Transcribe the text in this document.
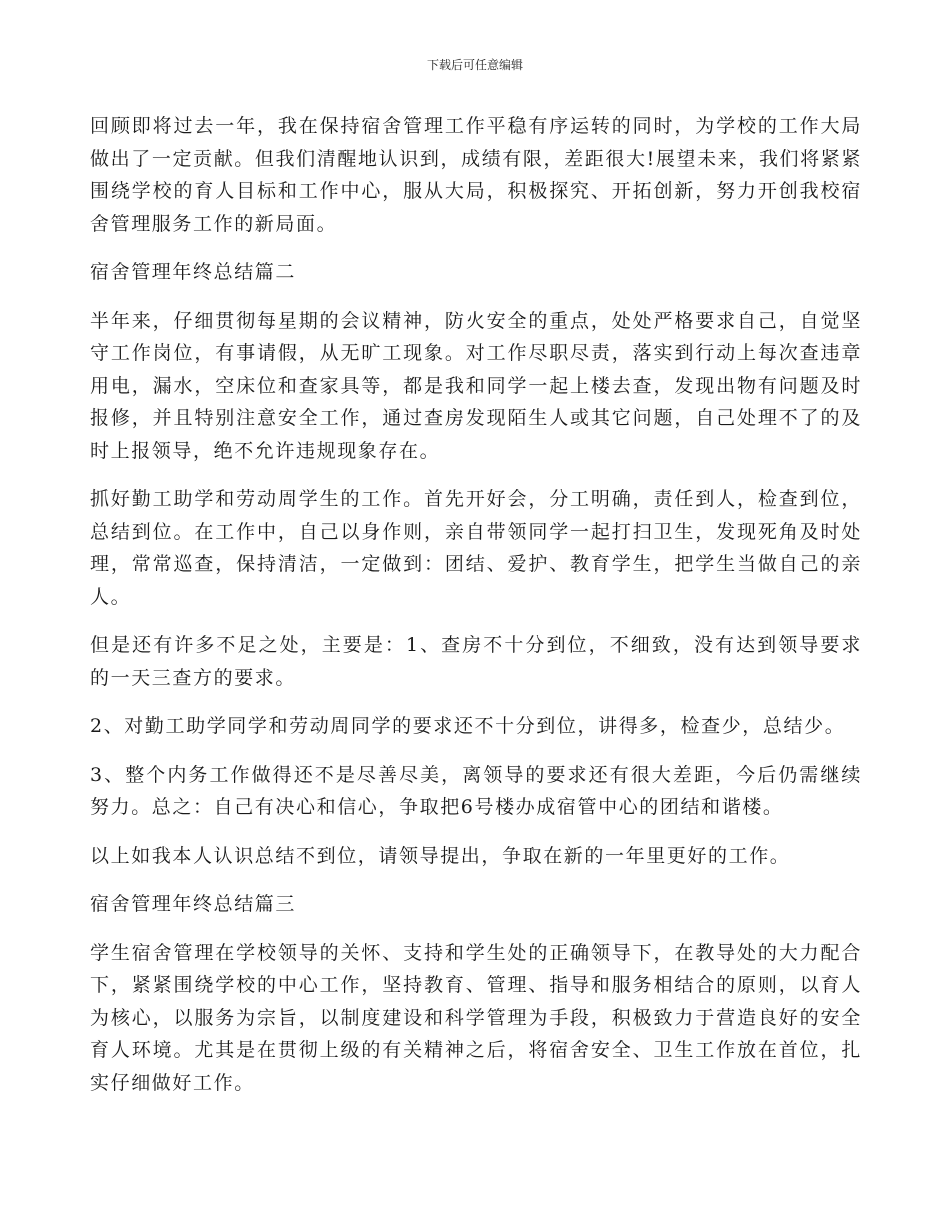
下载后可任意编辑

回顾即将过去一年，我在保持宿舍管理工作平稳有序运转的同时，为学校的工作大局做出了一定贡献。但我们清醒地认识到，成绩有限，差距很大!展望未来，我们将紧紧围绕学校的育人目标和工作中心，服从大局，积极探究、开拓创新，努力开创我校宿舍管理服务工作的新局面。

宿舍管理年终总结篇二

半年来，仔细贯彻每星期的会议精神，防火安全的重点，处处严格要求自己，自觉坚守工作岗位，有事请假，从无旷工现象。对工作尽职尽责，落实到行动上每次查违章用电，漏水，空床位和查家具等，都是我和同学一起上楼去查，发现出物有问题及时报修，并且特别注意安全工作，通过查房发现陌生人或其它问题，自己处理不了的及时上报领导，绝不允许违规现象存在。

抓好勤工助学和劳动周学生的工作。首先开好会，分工明确，责任到人，检查到位，总结到位。在工作中，自己以身作则，亲自带领同学一起打扫卫生，发现死角及时处理，常常巡查，保持清洁，一定做到：团结、爱护、教育学生，把学生当做自己的亲人。

但是还有许多不足之处，主要是：1、查房不十分到位，不细致，没有达到领导要求的一天三查方的要求。

2、对勤工助学同学和劳动周同学的要求还不十分到位，讲得多，检查少，总结少。

3、整个内务工作做得还不是尽善尽美，离领导的要求还有很大差距，今后仍需继续努力。总之：自己有决心和信心，争取把6号楼办成宿管中心的团结和谐楼。

以上如我本人认识总结不到位，请领导提出，争取在新的一年里更好的工作。

宿舍管理年终总结篇三

学生宿舍管理在学校领导的关怀、支持和学生处的正确领导下，在教导处的大力配合下，紧紧围绕学校的中心工作，坚持教育、管理、指导和服务相结合的原则，以育人为核心，以服务为宗旨，以制度建设和科学管理为手段，积极致力于营造良好的安全育人环境。尤其是在贯彻上级的有关精神之后，将宿舍安全、卫生工作放在首位，扎实仔细做好工作。
